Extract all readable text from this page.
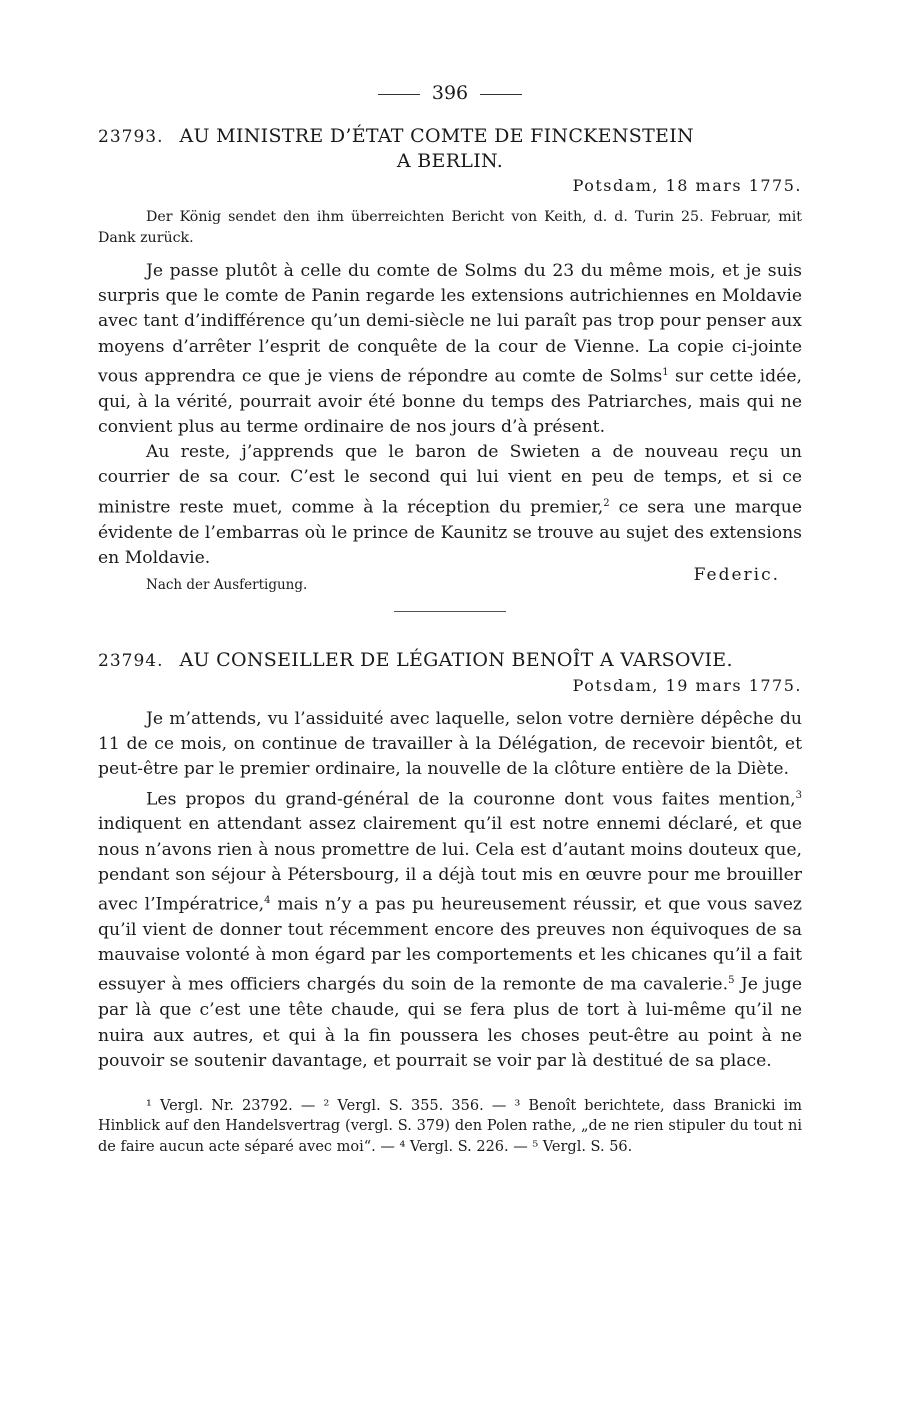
396
23793. AU MINISTRE D’ÉTAT COMTE DE FINCKENSTEIN
A BERLIN.
Potsdam, 18 mars 1775.
Der König sendet den ihm überreichten Bericht von Keith, d. d. Turin 25. Februar, mit Dank zurück.

Je passe plutôt à celle du comte de Solms du 23 du même mois, et je suis surpris que le comte de Panin regarde les extensions autrichiennes en Moldavie avec tant d’indifférence qu’un demi-siècle ne lui paraît pas trop pour penser aux moyens d’arrêter l’esprit de conquête de la cour de Vienne. La copie ci-jointe vous apprendra ce que je viens de répondre au comte de Solms$^1$ sur cette idée, qui, à la vérité, pourrait avoir été bonne du temps des Patriarches, mais qui ne convient plus au terme ordinaire de nos jours d’à présent.

Au reste, j’apprends que le baron de Swieten a de nouveau reçu un courrier de sa cour. C’est le second qui lui vient en peu de temps, et si ce ministre reste muet, comme à la réception du premier,$^2$ ce sera une marque évidente de l’embarras où le prince de Kaunitz se trouve au sujet des extensions en Moldavie.

Federic.
Nach der Ausfertigung.
23794. AU CONSEILLER DE LÉGATION BENOÎT A VARSOVIE.
Potsdam, 19 mars 1775.

Je m’attends, vu l’assiduité avec laquelle, selon votre dernière dépêche du 11 de ce mois, on continue de travailler à la Délégation, de recevoir bientôt, et peut-être par le premier ordinaire, la nouvelle de la clôture entière de la Diète.

Les propos du grand-général de la couronne dont vous faites mention,$^3$ indiquent en attendant assez clairement qu’il est notre ennemi déclaré, et que nous n’avons rien à nous promettre de lui. Cela est d’autant moins douteux que, pendant son séjour à Pétersbourg, il a déjà tout mis en œuvre pour me brouiller avec l’Impératrice,$^4$ mais n’y a pas pu heureusement réussir, et que vous savez qu’il vient de donner tout récemment encore des preuves non équivoques de sa mauvaise volonté à mon égard par les comportements et les chicanes qu’il a fait essuyer à mes officiers chargés du soin de la remonte de ma cavalerie.$^5$ Je juge par là que c’est une tête chaude, qui se fera plus de tort à lui-même qu’il ne nuira aux autres, et qui à la fin poussera les choses peut-être au point à ne pouvoir se soutenir davantage, et pourrait se voir par là destitué de sa place.

¹ Vergl. Nr. 23792. — ² Vergl. S. 355. 356. — ³ Benoît berichtete, dass Branicki im Hinblick auf den Handelsvertrag (vergl. S. 379) den Polen rathe, „de ne rien stipuler du tout ni de faire aucun acte séparé avec moi“. — ⁴ Vergl. S. 226. — ⁵ Vergl. S. 56.
